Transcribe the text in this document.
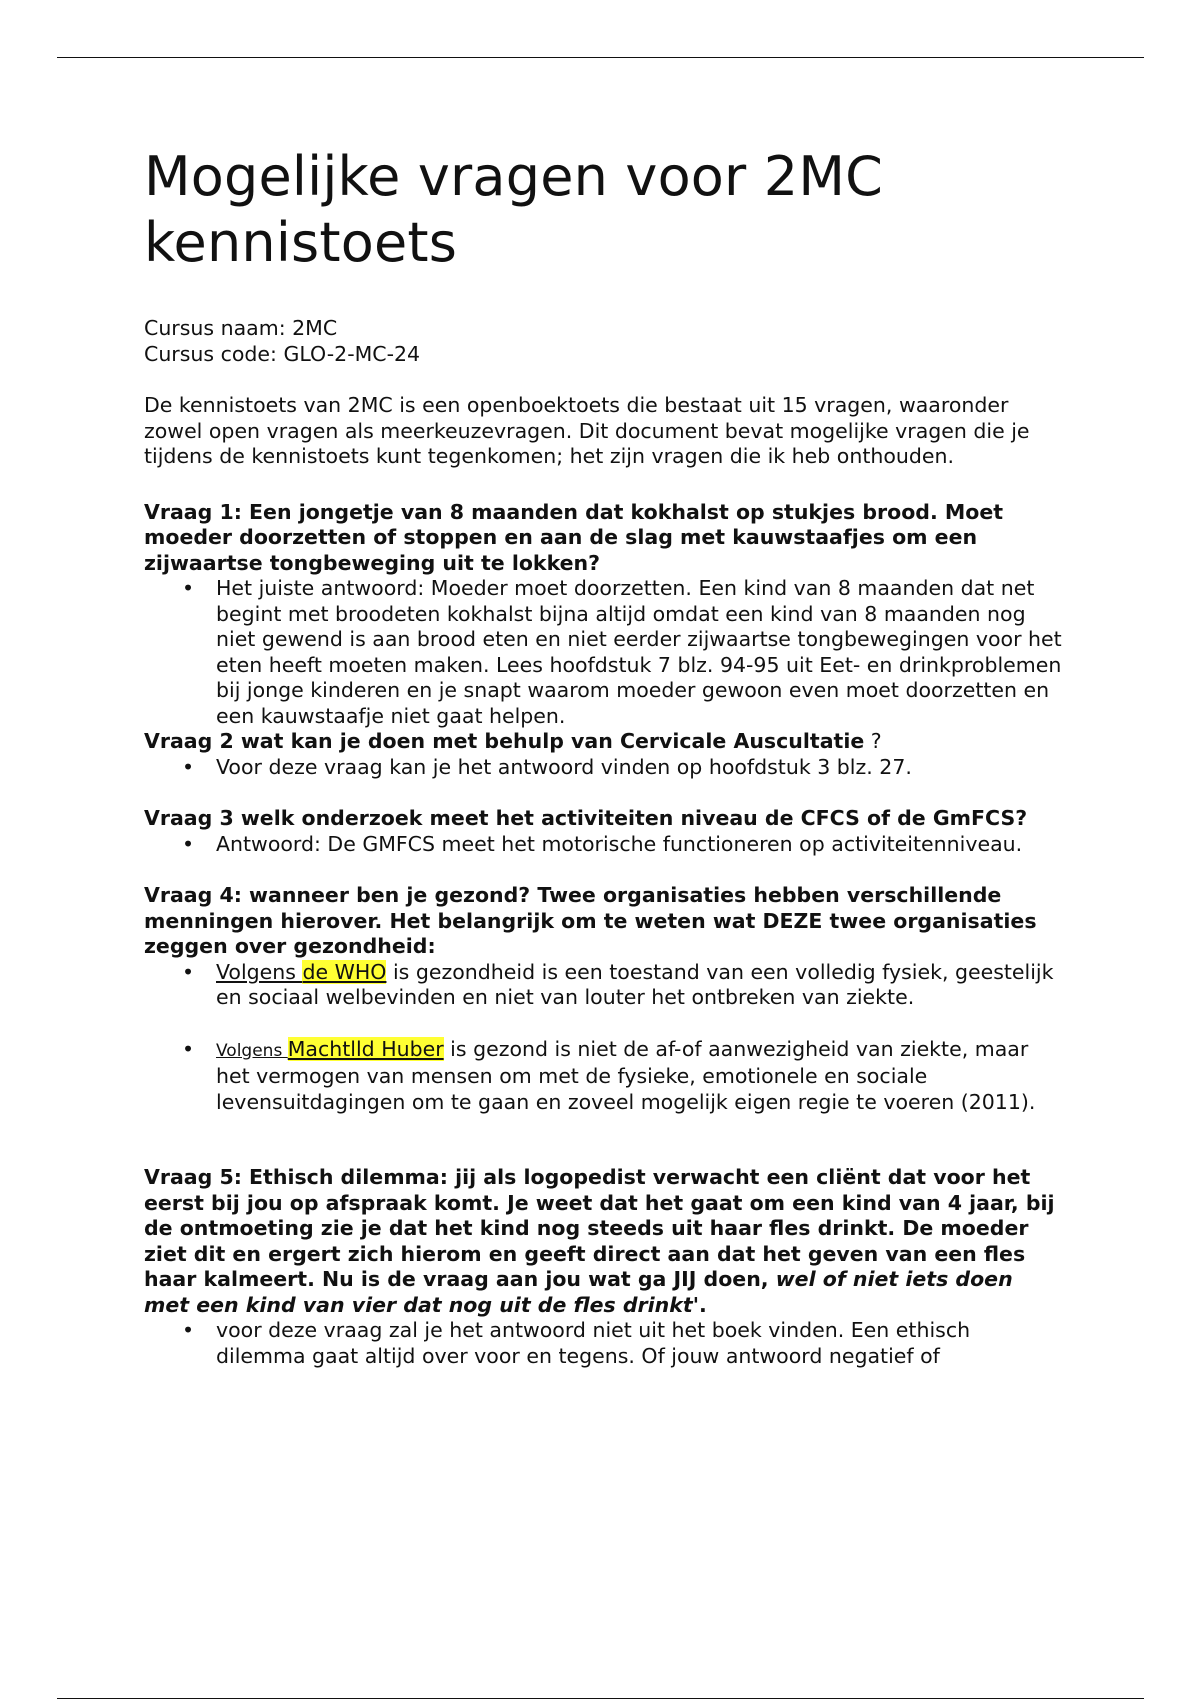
Mogelijke vragen voor 2MC kennistoets

Cursus naam: 2MC

Cursus code: GLO-2-MC-24

De kennistoets van 2MC is een openboektoets die bestaat uit 15 vragen, waaronder zowel open vragen als meerkeuzevragen. Dit document bevat mogelijke vragen die je tijdens de kennistoets kunt tegenkomen; het zijn vragen die ik heb onthouden.

Vraag 1: Een jongetje van 8 maanden dat kokhalst op stukjes brood. Moet moeder doorzetten of stoppen en aan de slag met kauwstaafjes om een zijwaartse tongbeweging uit te lokken?

• Het juiste antwoord: Moeder moet doorzetten. Een kind van 8 maanden dat net begint met broodeten kokhalst bijna altijd omdat een kind van 8 maanden nog niet gewend is aan brood eten en niet eerder zijwaartse tongbewegingen voor het eten heeft moeten maken. Lees hoofdstuk 7 blz. 94-95 uit Eet- en drinkproblemen bij jonge kinderen en je snapt waarom moeder gewoon even moet doorzetten en een kauwstaafje niet gaat helpen.

Vraag 2 wat kan je doen met behulp van Cervicale Auscultatie ?

• Voor deze vraag kan je het antwoord vinden op hoofdstuk 3 blz. 27.

Vraag 3 welk onderzoek meet het activiteiten niveau de CFCS of de GmFCS?

• Antwoord: De GMFCS meet het motorische functioneren op activiteitenniveau.

Vraag 4: wanneer ben je gezond? Twee organisaties hebben verschillende menningen hierover. Het belangrijk om te weten wat DEZE twee organisaties zeggen over gezondheid:

• Volgens de WHO is gezondheid is een toestand van een volledig fysiek, geestelijk en sociaal welbevinden en niet van louter het ontbreken van ziekte.
• Volgens Machtlld Huber is gezond is niet de af-of aanwezigheid van ziekte, maar het vermogen van mensen om met de fysieke, emotionele en sociale levensuitdagingen om te gaan en zoveel mogelijk eigen regie te voeren (2011).

Vraag 5: Ethisch dilemma: jij als logopedist verwacht een cliënt dat voor het eerst bij jou op afspraak komt. Je weet dat het gaat om een kind van 4 jaar, bij de ontmoeting zie je dat het kind nog steeds uit haar fles drinkt. De moeder ziet dit en ergert zich hierom en geeft direct aan dat het geven van een fles haar kalmeert. Nu is de vraag aan jou wat ga JIJ doen, wel of niet iets doen met een kind van vier dat nog uit de fles drinkt'.

• voor deze vraag zal je het antwoord niet uit het boek vinden. Een ethisch dilemma gaat altijd over voor en tegens. Of jouw antwoord negatief of
